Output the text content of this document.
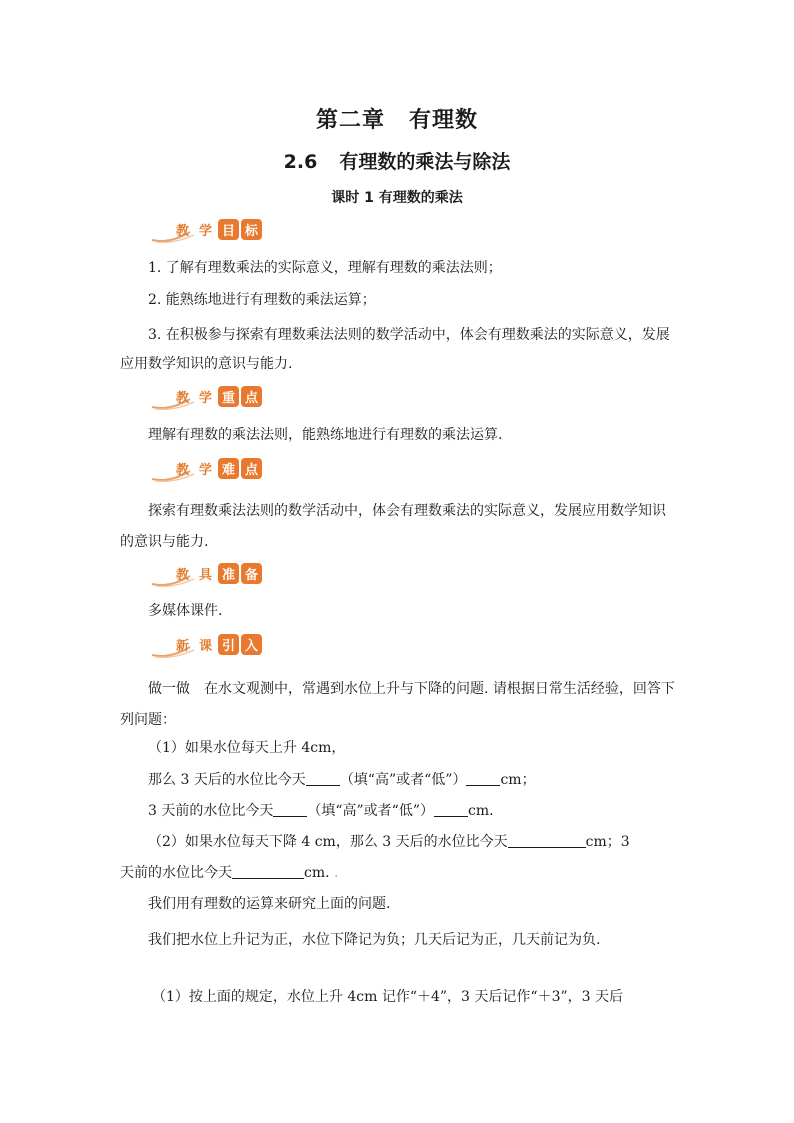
第二章 有理数
2.6 有理数的乘法与除法
课时 1 有理数的乘法
教 学 目 标
1. 了解有理数乘法的实际意义，理解有理数的乘法法则；
2. 能熟练地进行有理数的乘法运算；
3. 在积极参与探索有理数乘法法则的数学活动中，体会有理数乘法的实际意义，发展应用数学知识的意识与能力.
教 学 重 点
理解有理数的乘法法则，能熟练地进行有理数的乘法运算.
教 学 难 点
探索有理数乘法法则的数学活动中，体会有理数乘法的实际意义，发展应用数学知识的意识与能力.
教 具 准 备
多媒体课件.
新 课 引 入
做一做　在水文观测中，常遇到水位上升与下降的问题. 请根据日常生活经验，回答下列问题：
（1）如果水位每天上升 4cm，
那么 3 天后的水位比今天 （填“高”或者“低”） cm；
3 天前的水位比今天 （填“高”或者“低”） cm.
（2）如果水位每天下降 4 cm，那么 3 天后的水位比今天	cm；3
天前的水位比今天	cm. .
我们用有理数的运算来研究上面的问题.
我们把水位上升记为正，水位下降记为负；几天后记为正，几天前记为负.
（1）按上面的规定，水位上升 4cm 记作“＋4”，3 天后记作“＋3”，3 天后
